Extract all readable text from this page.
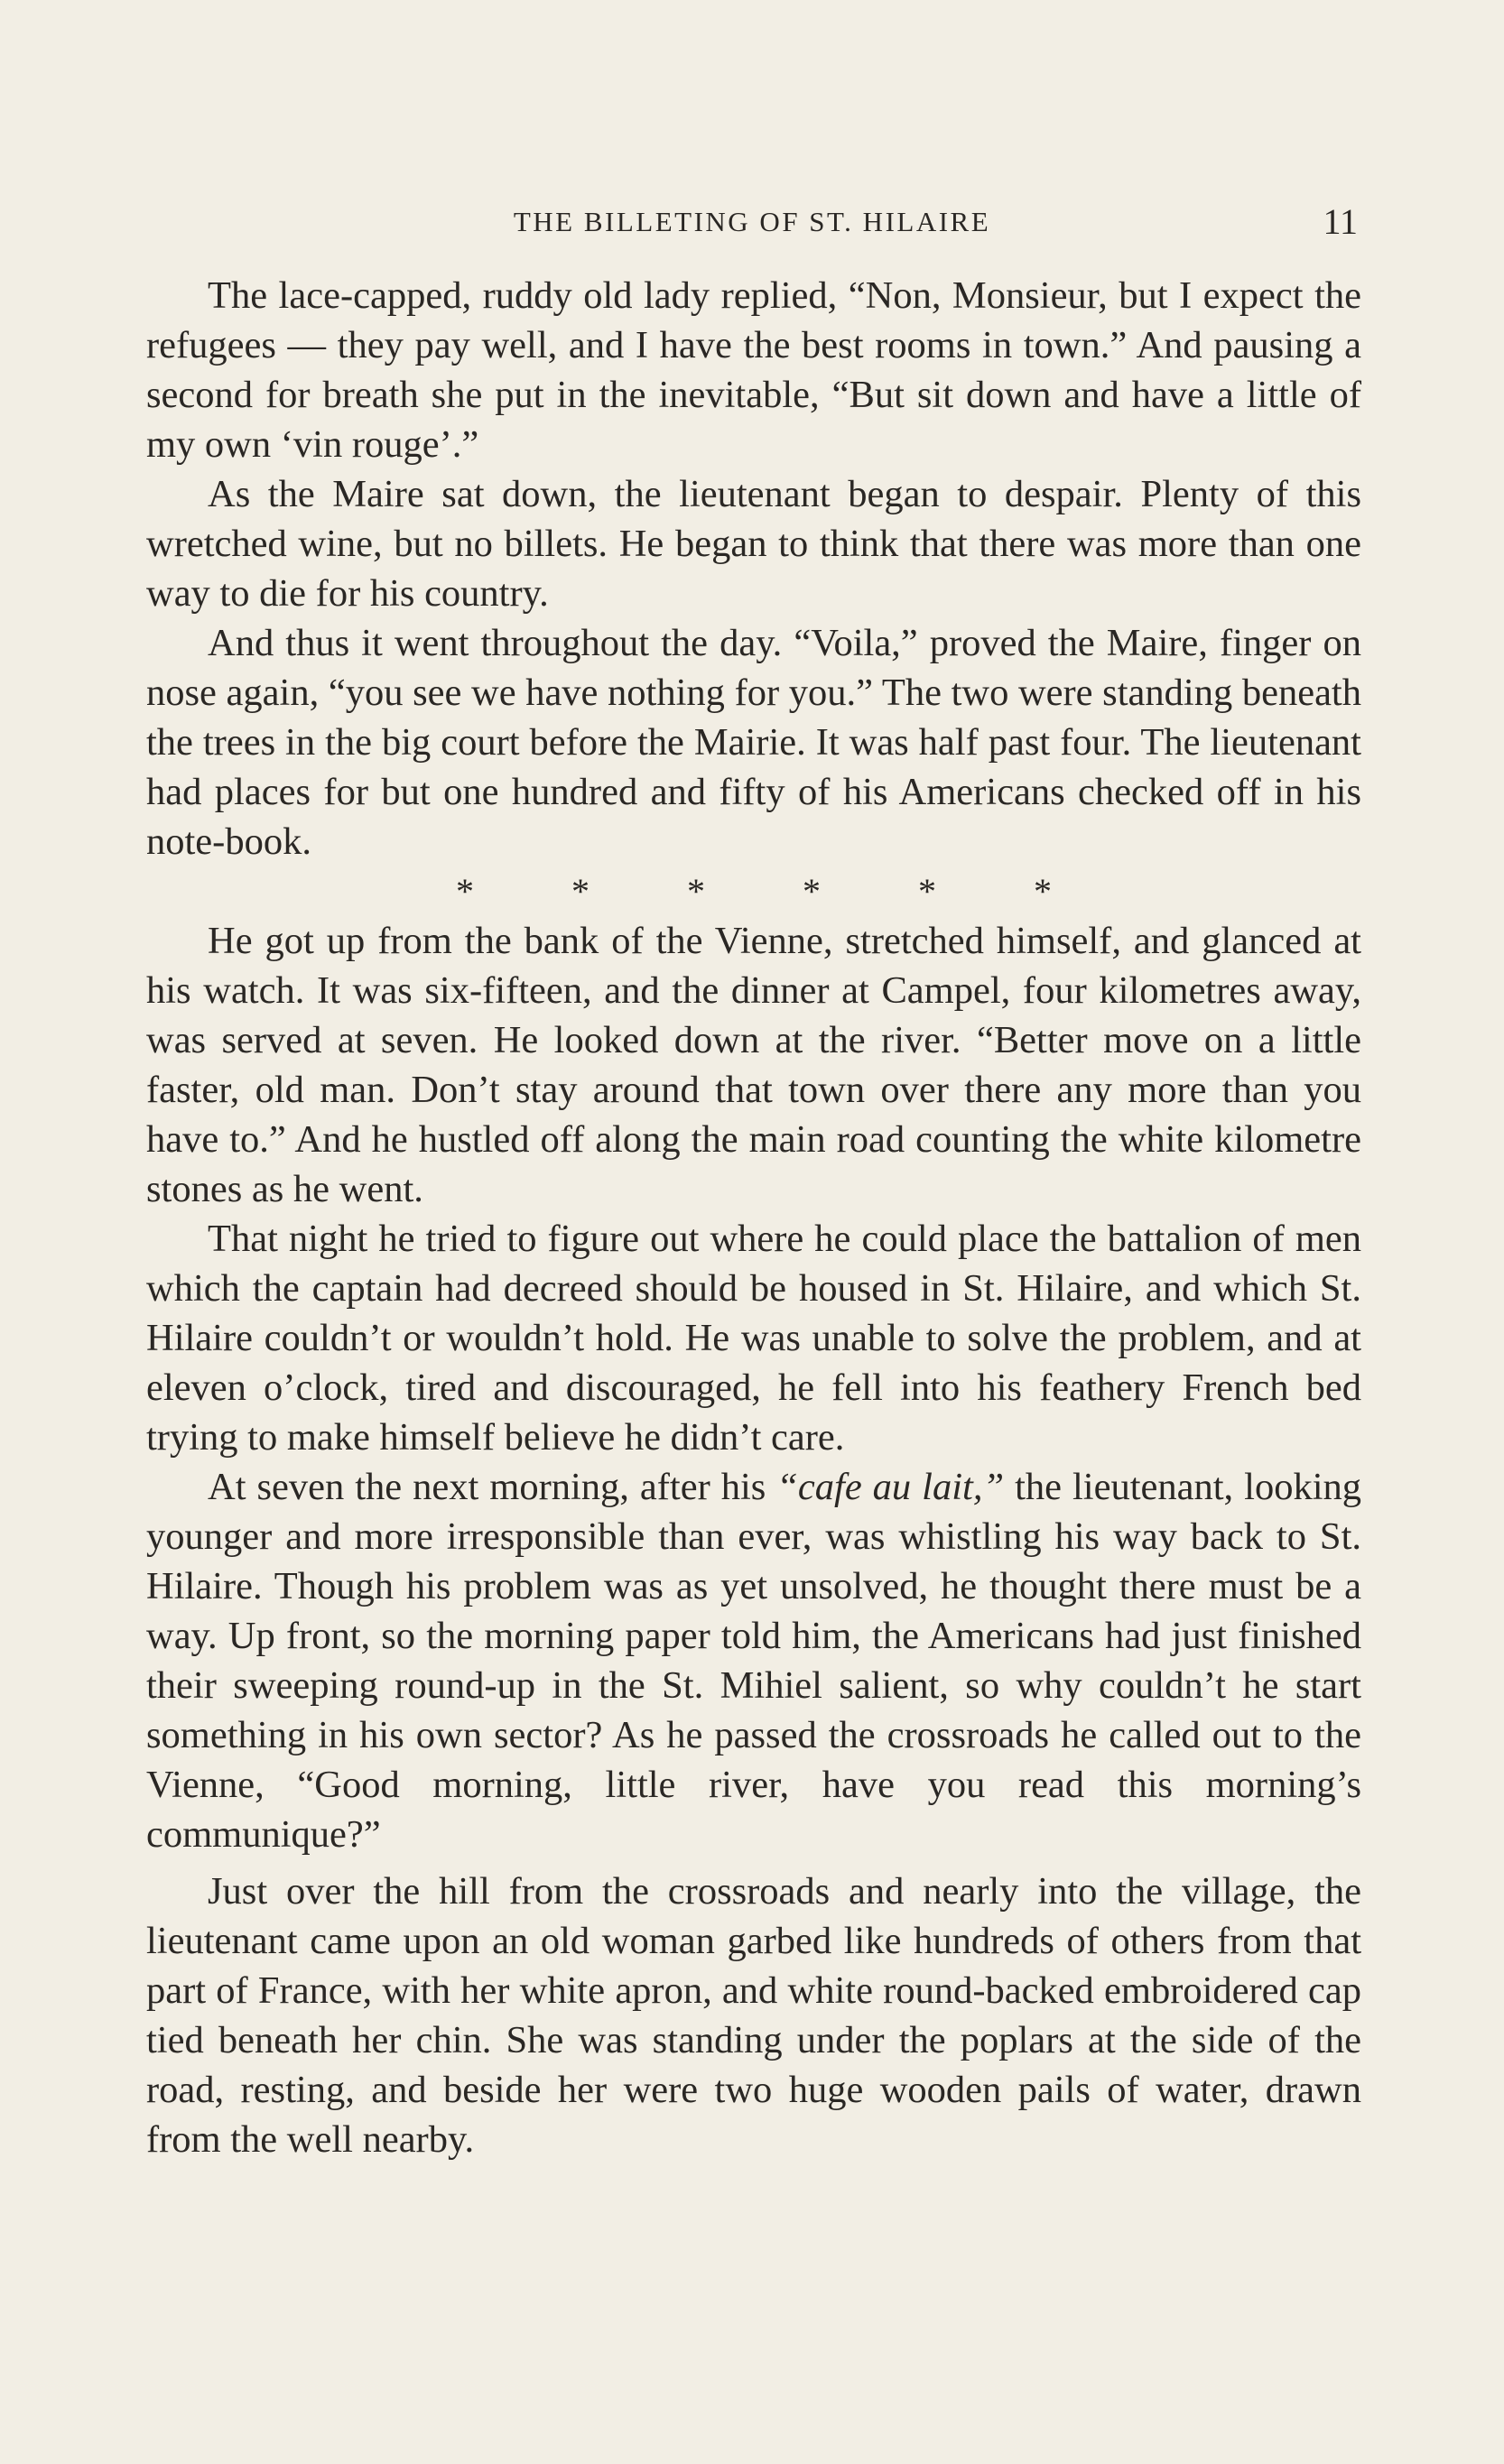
THE BILLETING OF ST. HILAIRE	11

The lace-capped, ruddy old lady replied, “Non, Monsieur, but I expect the refugees — they pay well, and I have the best rooms in town.” And pausing a second for breath she put in the inevitable, “But sit down and have a little of my own ‘vin rouge’.”

As the Maire sat down, the lieutenant began to despair. Plenty of this wretched wine, but no billets. He began to think that there was more than one way to die for his country.

And thus it went throughout the day. “Voila,” proved the Maire, finger on nose again, “you see we have nothing for you.” The two were standing beneath the trees in the big court before the Mairie. It was half past four. The lieutenant had places for but one hundred and fifty of his Americans checked off in his note-book.

*	*	*	*	*	*

He got up from the bank of the Vienne, stretched himself, and glanced at his watch. It was six-fifteen, and the dinner at Campel, four kilometres away, was served at seven. He looked down at the river. “Better move on a little faster, old man. Don’t stay around that town over there any more than you have to.” And he hustled off along the main road counting the white kilometre stones as he went.

That night he tried to figure out where he could place the battalion of men which the captain had decreed should be housed in St. Hilaire, and which St. Hilaire couldn’t or wouldn’t hold. He was unable to solve the problem, and at eleven o’clock, tired and discouraged, he fell into his feathery French bed trying to make himself believe he didn’t care.

At seven the next morning, after his “cafe au lait,” the lieutenant, looking younger and more irresponsible than ever, was whistling his way back to St. Hilaire. Though his problem was as yet unsolved, he thought there must be a way. Up front, so the morning paper told him, the Americans had just finished their sweeping round-up in the St. Mihiel salient, so why couldn’t he start something in his own sector? As he passed the crossroads he called out to the Vienne, “Good morning, little river, have you read this morning’s communique?”

Just over the hill from the crossroads and nearly into the village, the lieutenant came upon an old woman garbed like hundreds of others from that part of France, with her white apron, and white round-backed embroidered cap tied beneath her chin. She was standing under the poplars at the side of the road, resting, and beside her were two huge wooden pails of water, drawn from the well nearby.
